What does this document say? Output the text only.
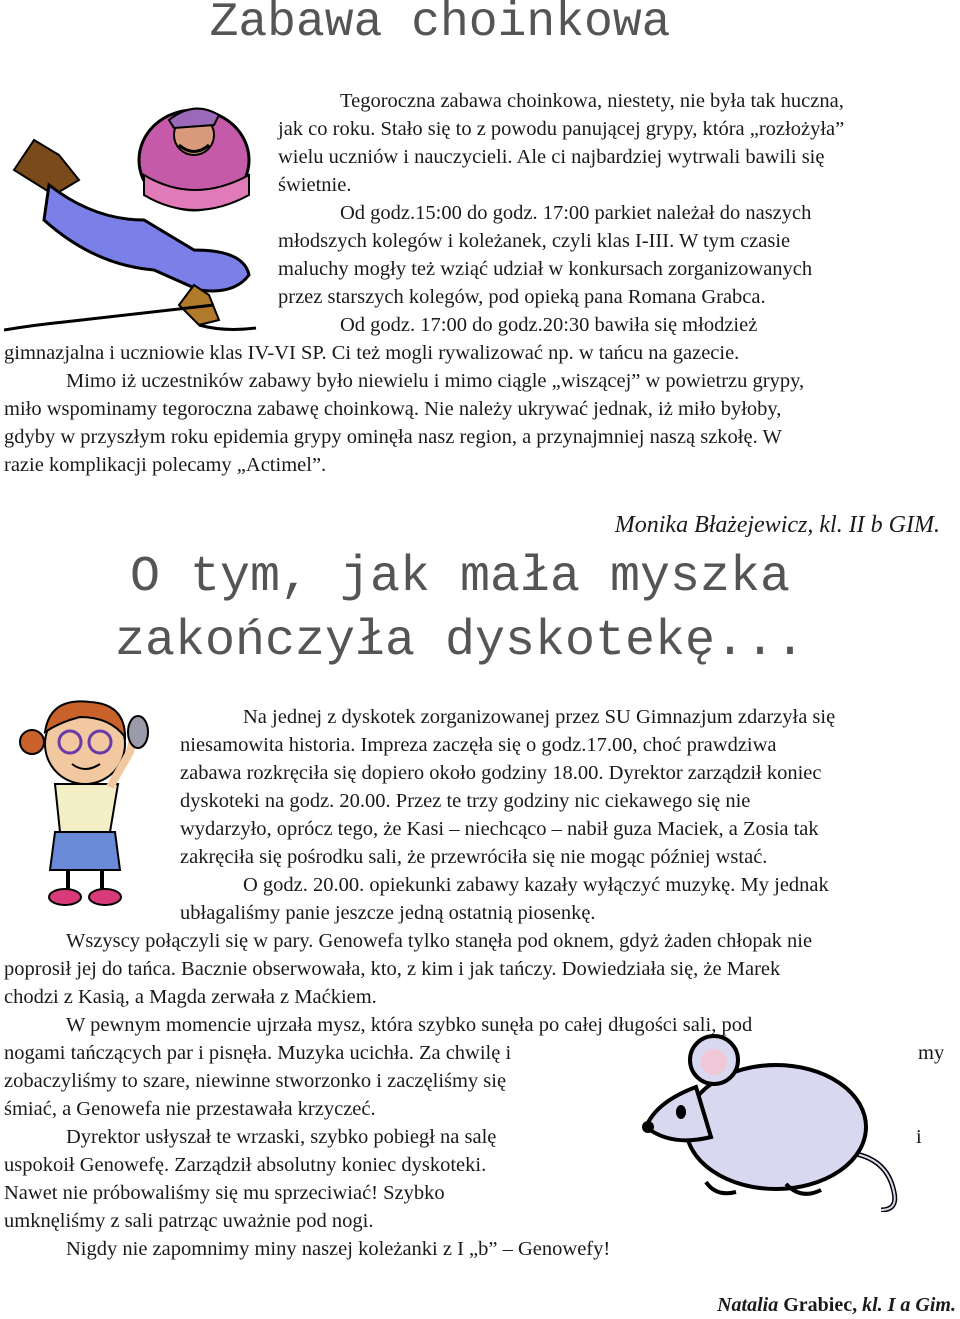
Zabawa choinkowa
Tegoroczna zabawa choinkowa, niestety, nie była tak huczna,
jak co roku. Stało się to z powodu panującej grypy, która „rozłożyła”
wielu uczniów i nauczycieli. Ale ci najbardziej wytrwali bawili się
świetnie.
Od godz.15:00 do godz. 17:00 parkiet należał do naszych
młodszych kolegów i koleżanek, czyli klas I-III. W tym czasie
maluchy mogły też wziąć udział w konkursach zorganizowanych
przez starszych kolegów, pod opieką pana Romana Grabca.
Od godz. 17:00 do godz.20:30 bawiła się młodzież
gimnazjalna i uczniowie klas IV-VI SP. Ci też mogli rywalizować np. w tańcu na gazecie.
Mimo iż uczestników zabawy było niewielu i mimo ciągle „wiszącej” w powietrzu grypy,
miło wspominamy tegoroczna zabawę choinkową. Nie należy ukrywać jednak, iż miło byłoby,
gdyby w przyszłym roku epidemia grypy ominęła nasz region, a przynajmniej naszą szkołę. W
razie komplikacji polecamy „Actimel”.
Monika Błażejewicz, kl. II b GIM.
O tym, jak mała myszka
zakończyła dyskotekę...
Na jednej z dyskotek zorganizowanej przez SU Gimnazjum zdarzyła się
niesamowita historia. Impreza zaczęła się o godz.17.00, choć prawdziwa
zabawa rozkręciła się dopiero około godziny 18.00. Dyrektor zarządził koniec
dyskoteki na godz. 20.00. Przez te trzy godziny nic ciekawego się nie
wydarzyło, oprócz tego, że Kasi – niechcąco – nabił guza Maciek, a Zosia tak
zakręciła się pośrodku sali, że przewróciła się nie mogąc później wstać.
O godz. 20.00. opiekunki zabawy kazały wyłączyć muzykę. My jednak
ubłagaliśmy panie jeszcze jedną ostatnią piosenkę.
Wszyscy połączyli się w pary. Genowefa tylko stanęła pod oknem, gdyż żaden chłopak nie
poprosił jej do tańca. Bacznie obserwowała, kto, z kim i jak tańczy. Dowiedziała się, że Marek
chodzi z Kasią, a Magda zerwała z Maćkiem.
W pewnym momencie ujrzała mysz, która szybko sunęła po całej długości sali, pod
nogami tańczących par i pisnęła. Muzyka ucichła. Za chwilę i	my
zobaczyliśmy to szare, niewinne stworzonko i zaczęliśmy się
śmiać, a Genowefa nie przestawała krzyczeć.
Dyrektor usłyszał te wrzaski, szybko pobiegł na salę	i
uspokoił Genowefę. Zarządził absolutny koniec dyskoteki.
Nawet nie próbowaliśmy się mu sprzeciwiać! Szybko
umknęliśmy z sali patrząc uważnie pod nogi.
Nigdy nie zapomnimy miny naszej koleżanki z I „b” – Genowefy!
Natalia Grabiec, kl. I a Gim.
